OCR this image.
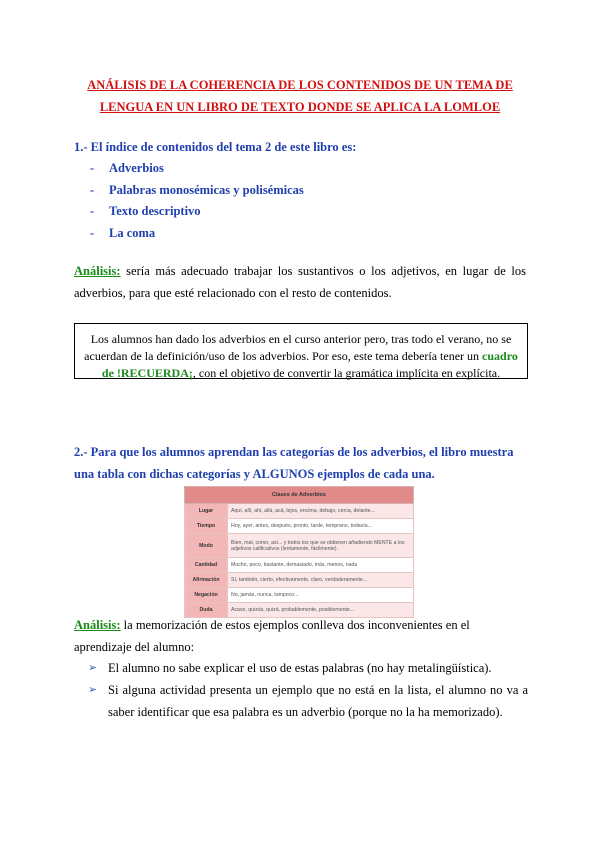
ANÁLISIS DE LA COHERENCIA DE LOS CONTENIDOS DE UN TEMA DE
LENGUA EN UN LIBRO DE TEXTO DONDE SE APLICA LA LOMLOE
1.- El índice de contenidos del tema 2 de este libro es:
-	Adverbios
-	Palabras monosémicas y polisémicas
-	Texto descriptivo
-	La coma
Análisis: sería más adecuado trabajar los sustantivos o los adjetivos, en lugar de los adverbios, para que esté relacionado con el resto de contenidos.
Los alumnos han dado los adverbios en el curso anterior pero, tras todo el verano, no se acuerdan de la definición/uso de los adverbios. Por eso, este tema debería tener un cuadro de !RECUERDA¡, con el objetivo de convertir la gramática implícita en explícita.
2.- Para que los alumnos aprendan las categorías de los adverbios, el libro muestra una tabla con dichas categorías y ALGUNOS ejemplos de cada una.
Clases de Adverbios	
Lugar	Aquí, allí, ahí, allá, acá, lejos, encima, debajo, cerca, delante...
Tiempo	Hoy, ayer, antes, después, pronto, tarde, temprano, todavía...
Modo	Bien, mal, como, así... y todos los que se obtienen añadiendo MENTE a los adjetivos calificativos (lentamente, fácilmente).
Cantidad	Mucho, poco, bastante, demasiado, más, menos, nada
Afirmación	Sí, también, cierto, efectivamente, claro, verdaderamente...
Negación	No, jamás, nunca, tampoco...
Duda	Acaso, quizás, quizá, probablemente, posiblemente...
Análisis: la memorización de estos ejemplos conlleva dos inconvenientes en el aprendizaje del alumno:
➢ El alumno no sabe explicar el uso de estas palabras (no hay metalingüística).
➢ Si alguna actividad presenta un ejemplo que no está en la lista, el alumno no va a saber identificar que esa palabra es un adverbio (porque no la ha memorizado).
